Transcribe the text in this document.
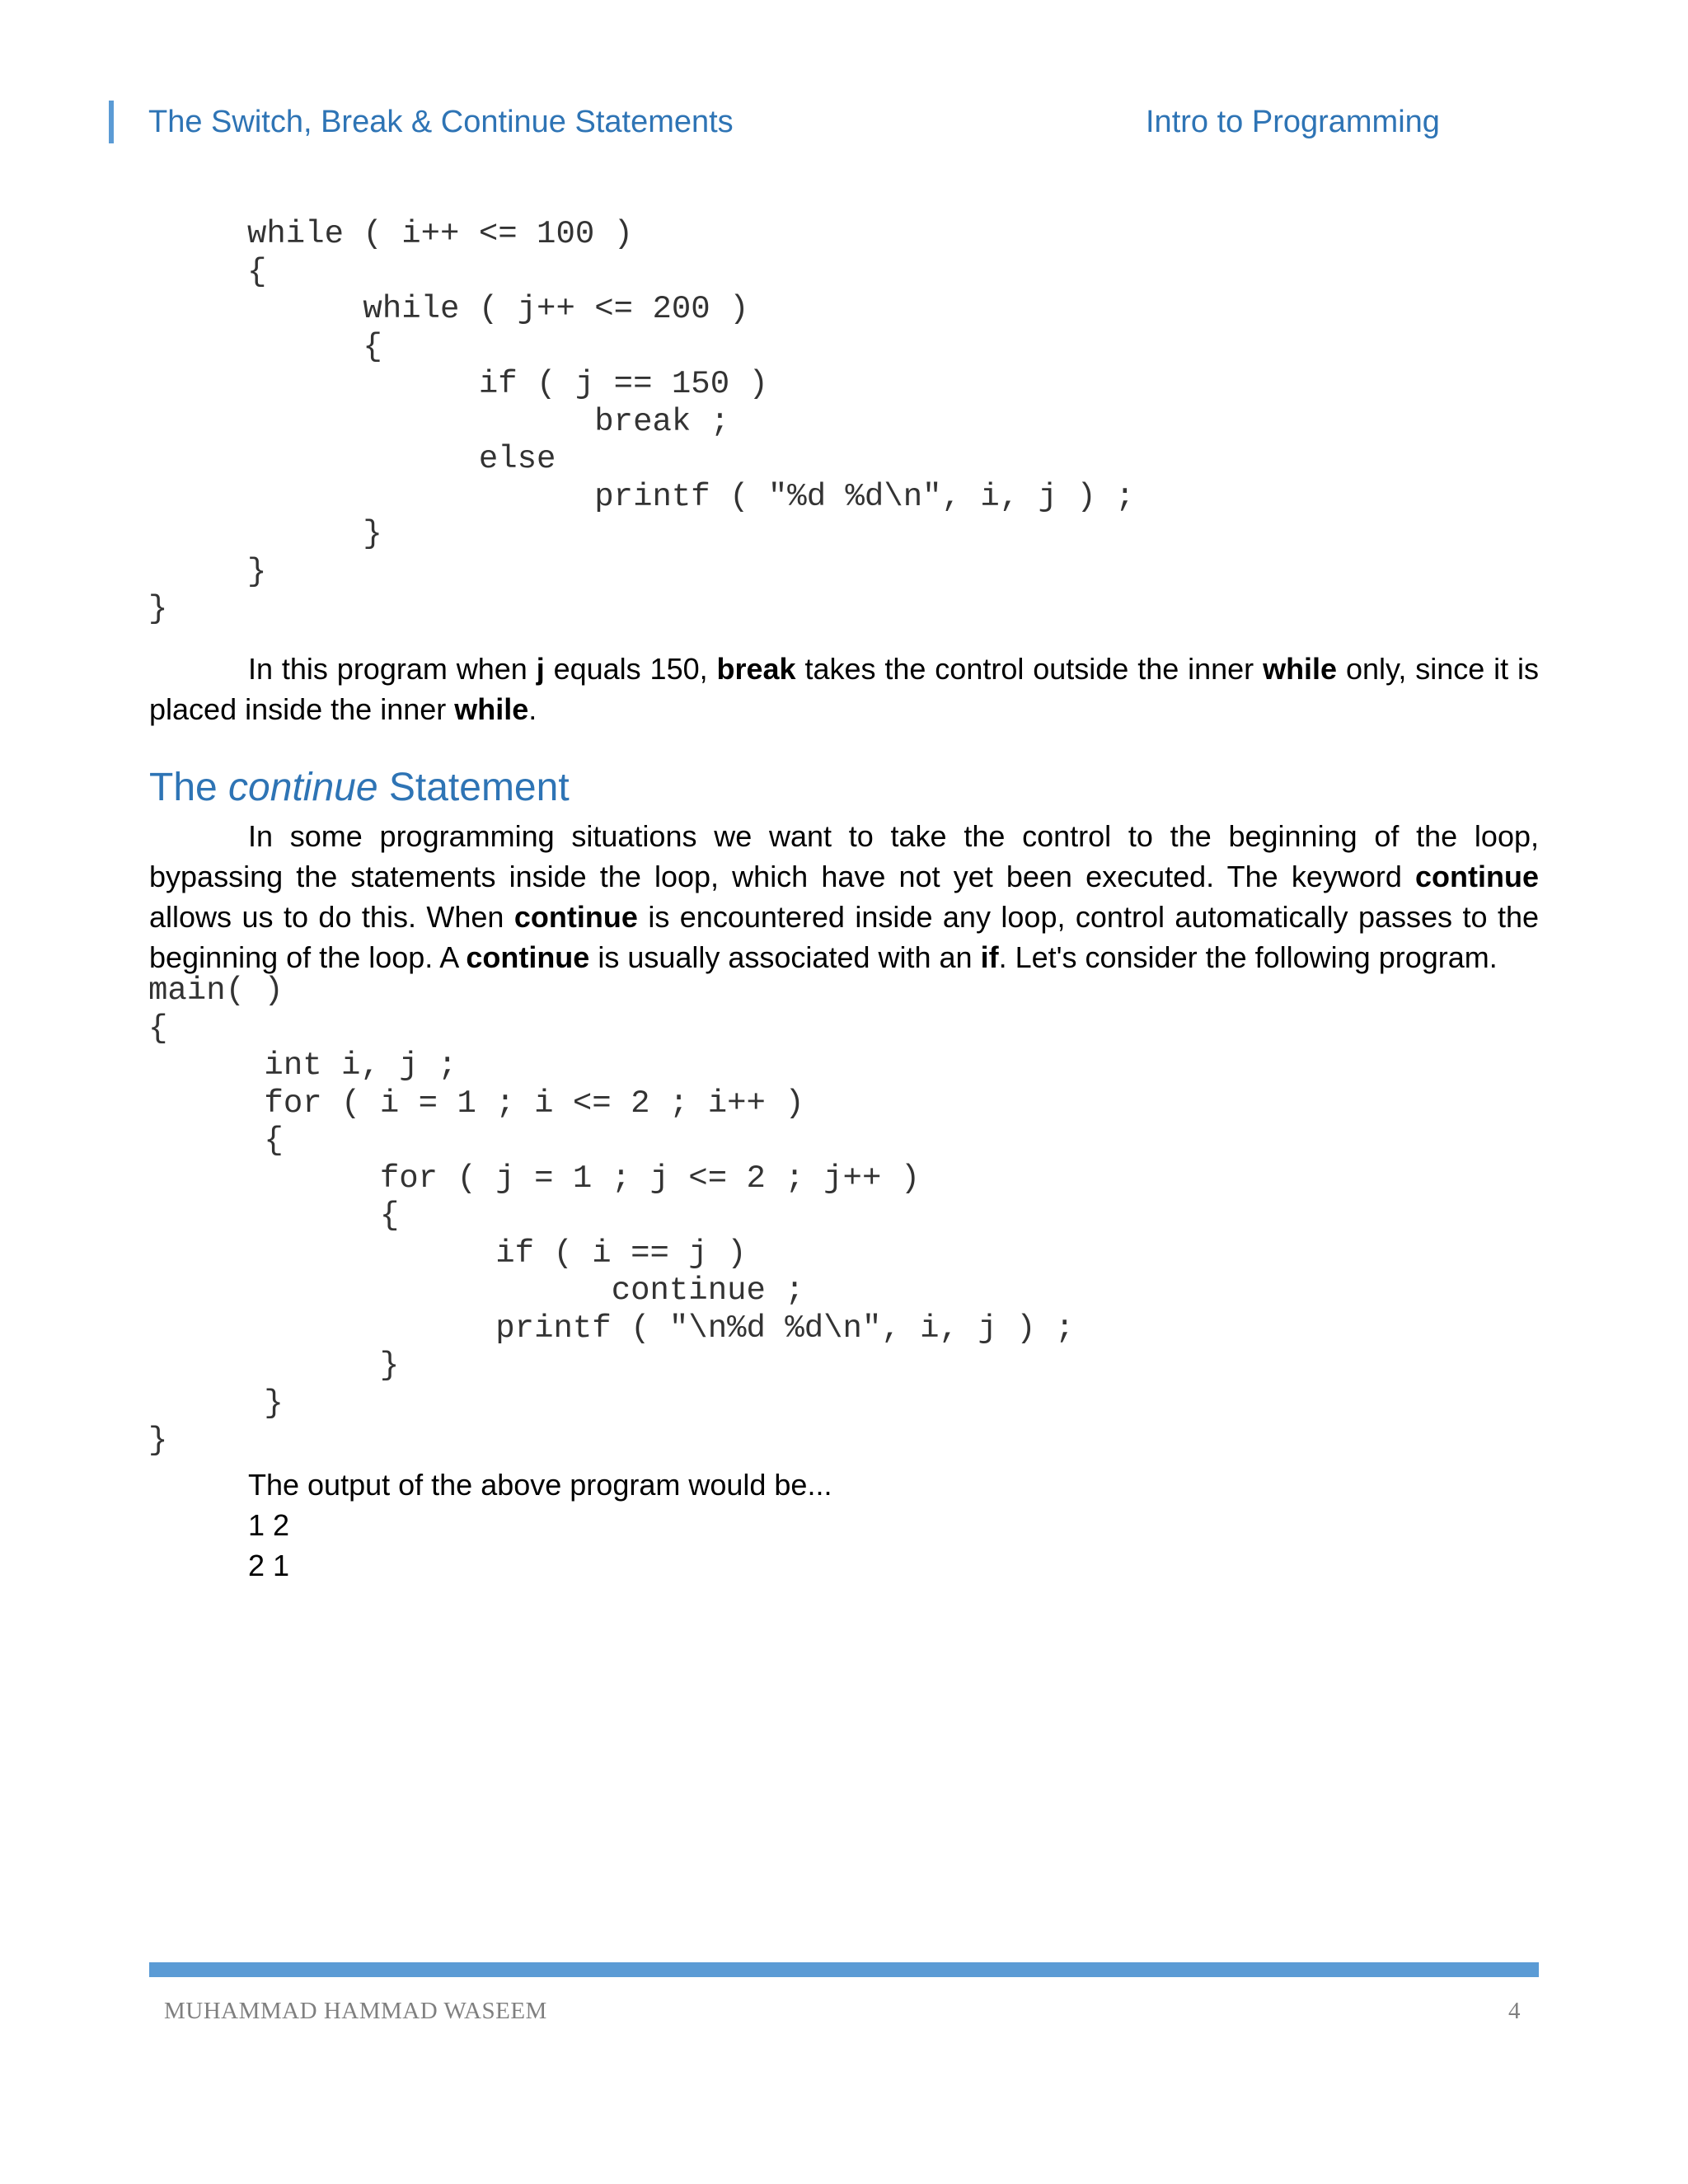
The Switch, Break & Continue Statements	Intro to Programming
while ( i++ <= 100 )
{
while ( j++ <= 200 )
{
if ( j == 150 )
break ;
else
printf ( "%d %d\n", i, j ) ;
}
}
}
In this program when j equals 150, break takes the control outside the inner while only, since it is placed inside the inner while.
The continue Statement
In some programming situations we want to take the control to the beginning of the loop, bypassing the statements inside the loop, which have not yet been executed. The keyword continue allows us to do this. When continue is encountered inside any loop, control automatically passes to the beginning of the loop. A continue is usually associated with an if. Let's consider the following program.
main( )
{
int i, j ;
for ( i = 1 ; i <= 2 ; i++ )
{
for ( j = 1 ; j <= 2 ; j++ )
{
if ( i == j )
continue ;
printf ( "\n%d %d\n", i, j ) ;
}
}
}
The output of the above program would be...
1 2
2 1
MUHAMMAD HAMMAD WASEEM	4
